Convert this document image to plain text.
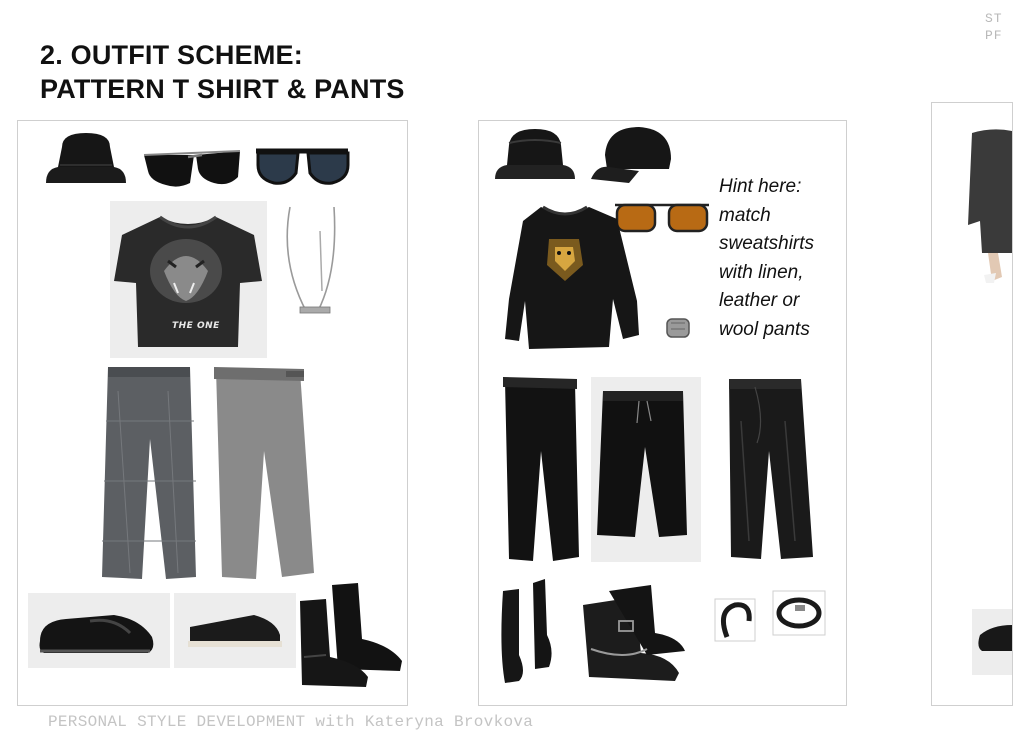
2. OUTFIT SCHEME:
PATTERN T SHIRT & PANTS
ST
PF
THE ONE
Hint here:
match
sweatshirts
with linen,
leather or
wool pants
PERSONAL STYLE DEVELOPMENT with Kateryna Brovkova
